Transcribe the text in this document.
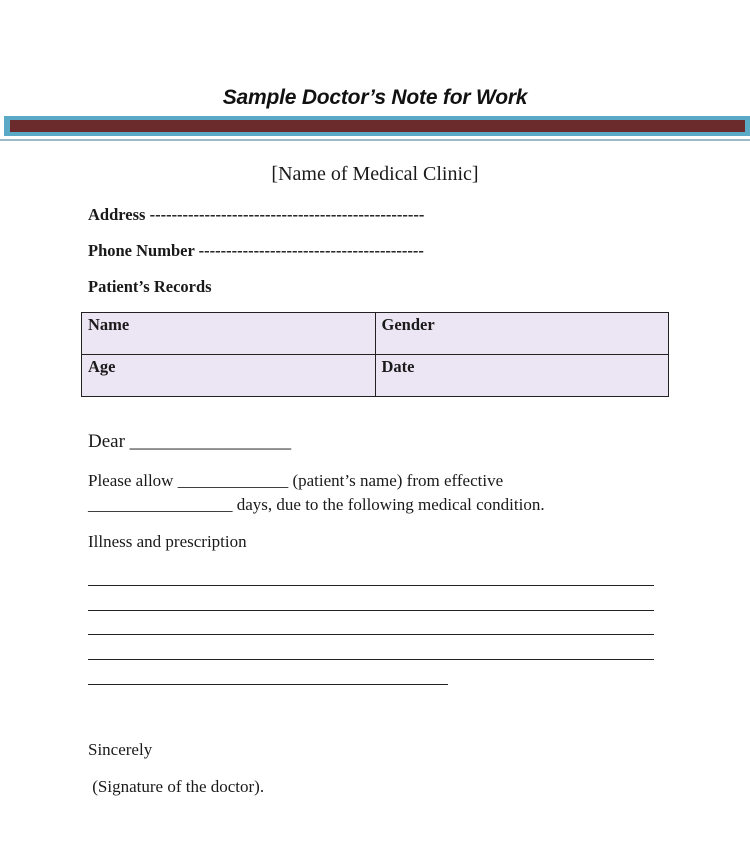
Sample Doctor’s Note for Work
[Name of Medical Clinic]
Address --------------------------------------------------
Phone Number -----------------------------------------
Patient’s Records
Name	Gender
Age	Date
Dear _________________
Please allow _____________ (patient’s name) from effective
_________________ days, due to the following medical condition.
Illness and prescription
Sincerely
(Signature of the doctor).
